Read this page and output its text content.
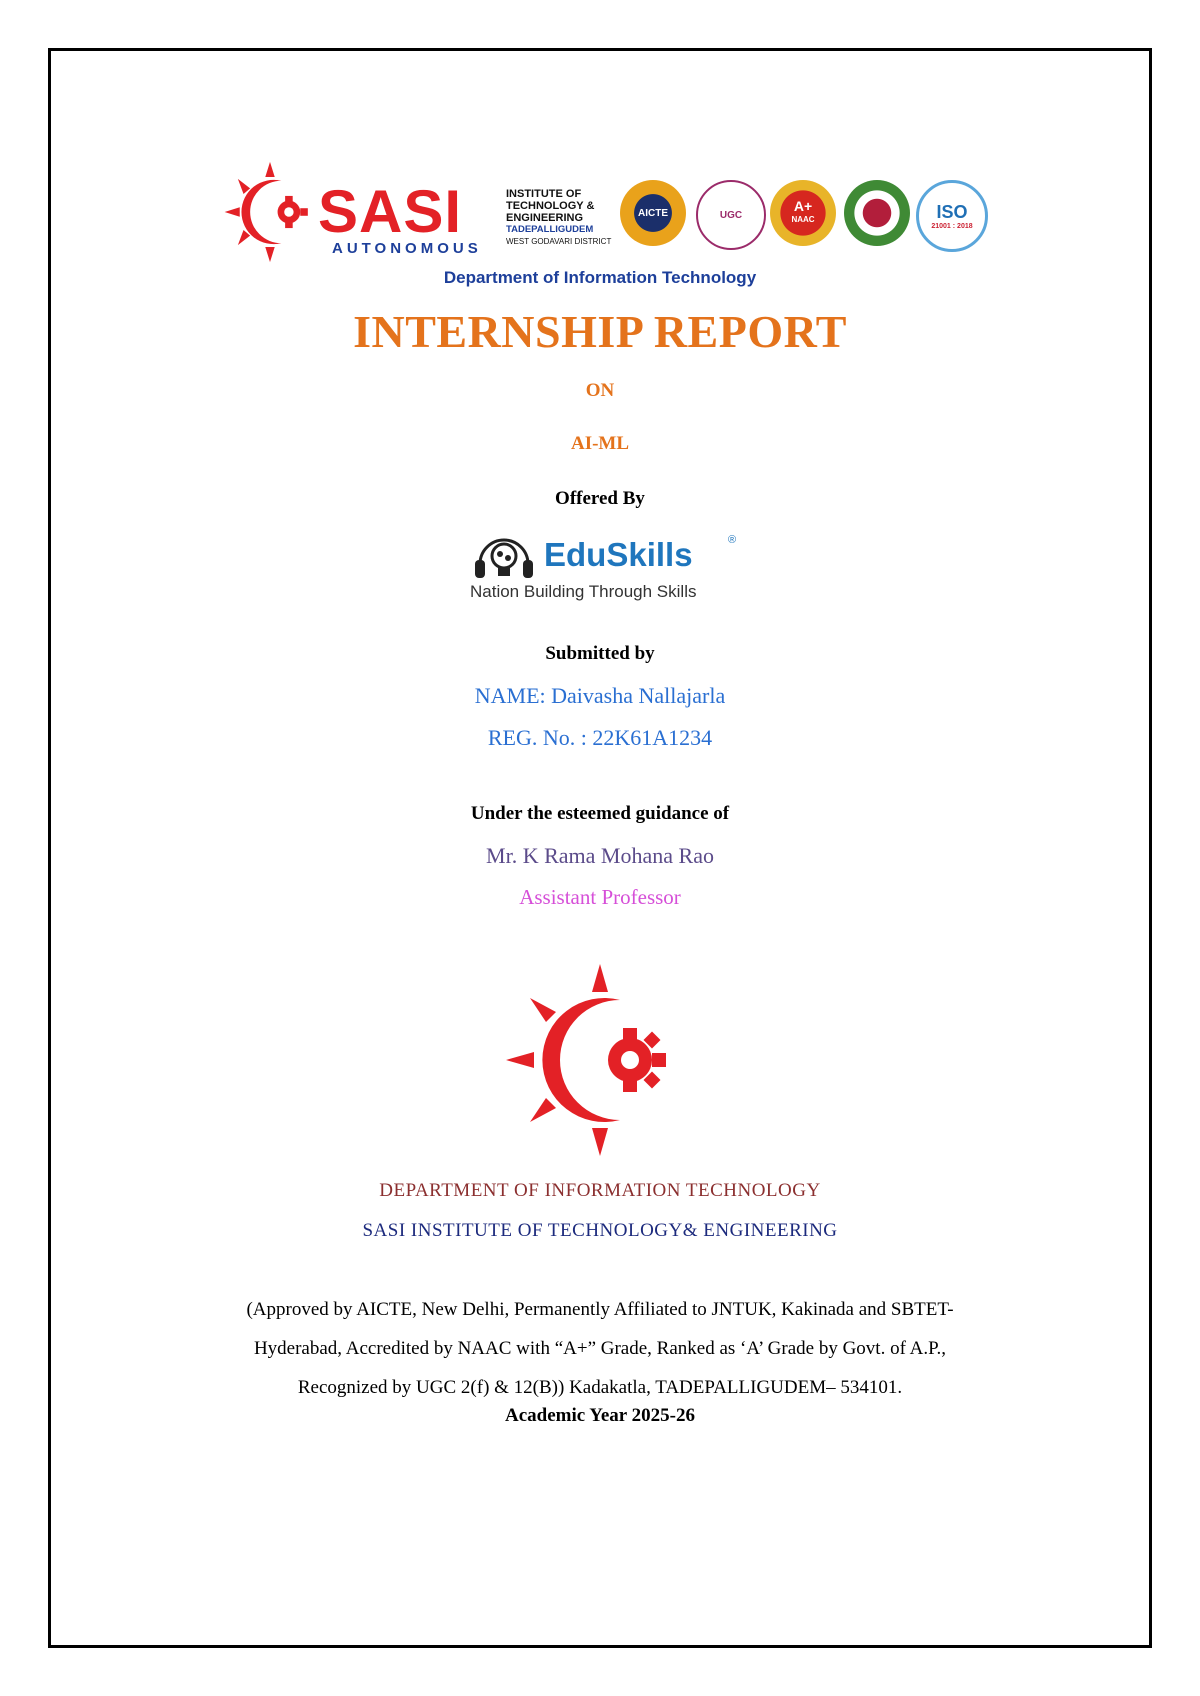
SASI
AUTONOMOUS
INSTITUTE OF
TECHNOLOGY &
ENGINEERING
TADEPALLIGUDEM
WEST GODAVARI DISTRICT
AICTE	UGC
A+
NAAC	ISO
21001 : 2018
Department of Information Technology
INTERNSHIP REPORT
ON
AI-ML
Offered By
EduSkills	®
Nation Building Through Skills
Submitted by
NAME: Daivasha Nallajarla
REG. No. : 22K61A1234
Under the esteemed guidance of
Mr. K Rama Mohana Rao
Assistant Professor
DEPARTMENT OF INFORMATION TECHNOLOGY
SASI INSTITUTE OF TECHNOLOGY& ENGINEERING

(Approved by AICTE, New Delhi, Permanently Affiliated to JNTUK, Kakinada and SBTET-

Hyderabad, Accredited by NAAC with “A+” Grade, Ranked as ‘A’ Grade by Govt. of A.P.,

Recognized by UGC 2(f) & 12(B)) Kadakatla, TADEPALLIGUDEM– 534101.

Academic Year 2025-26
